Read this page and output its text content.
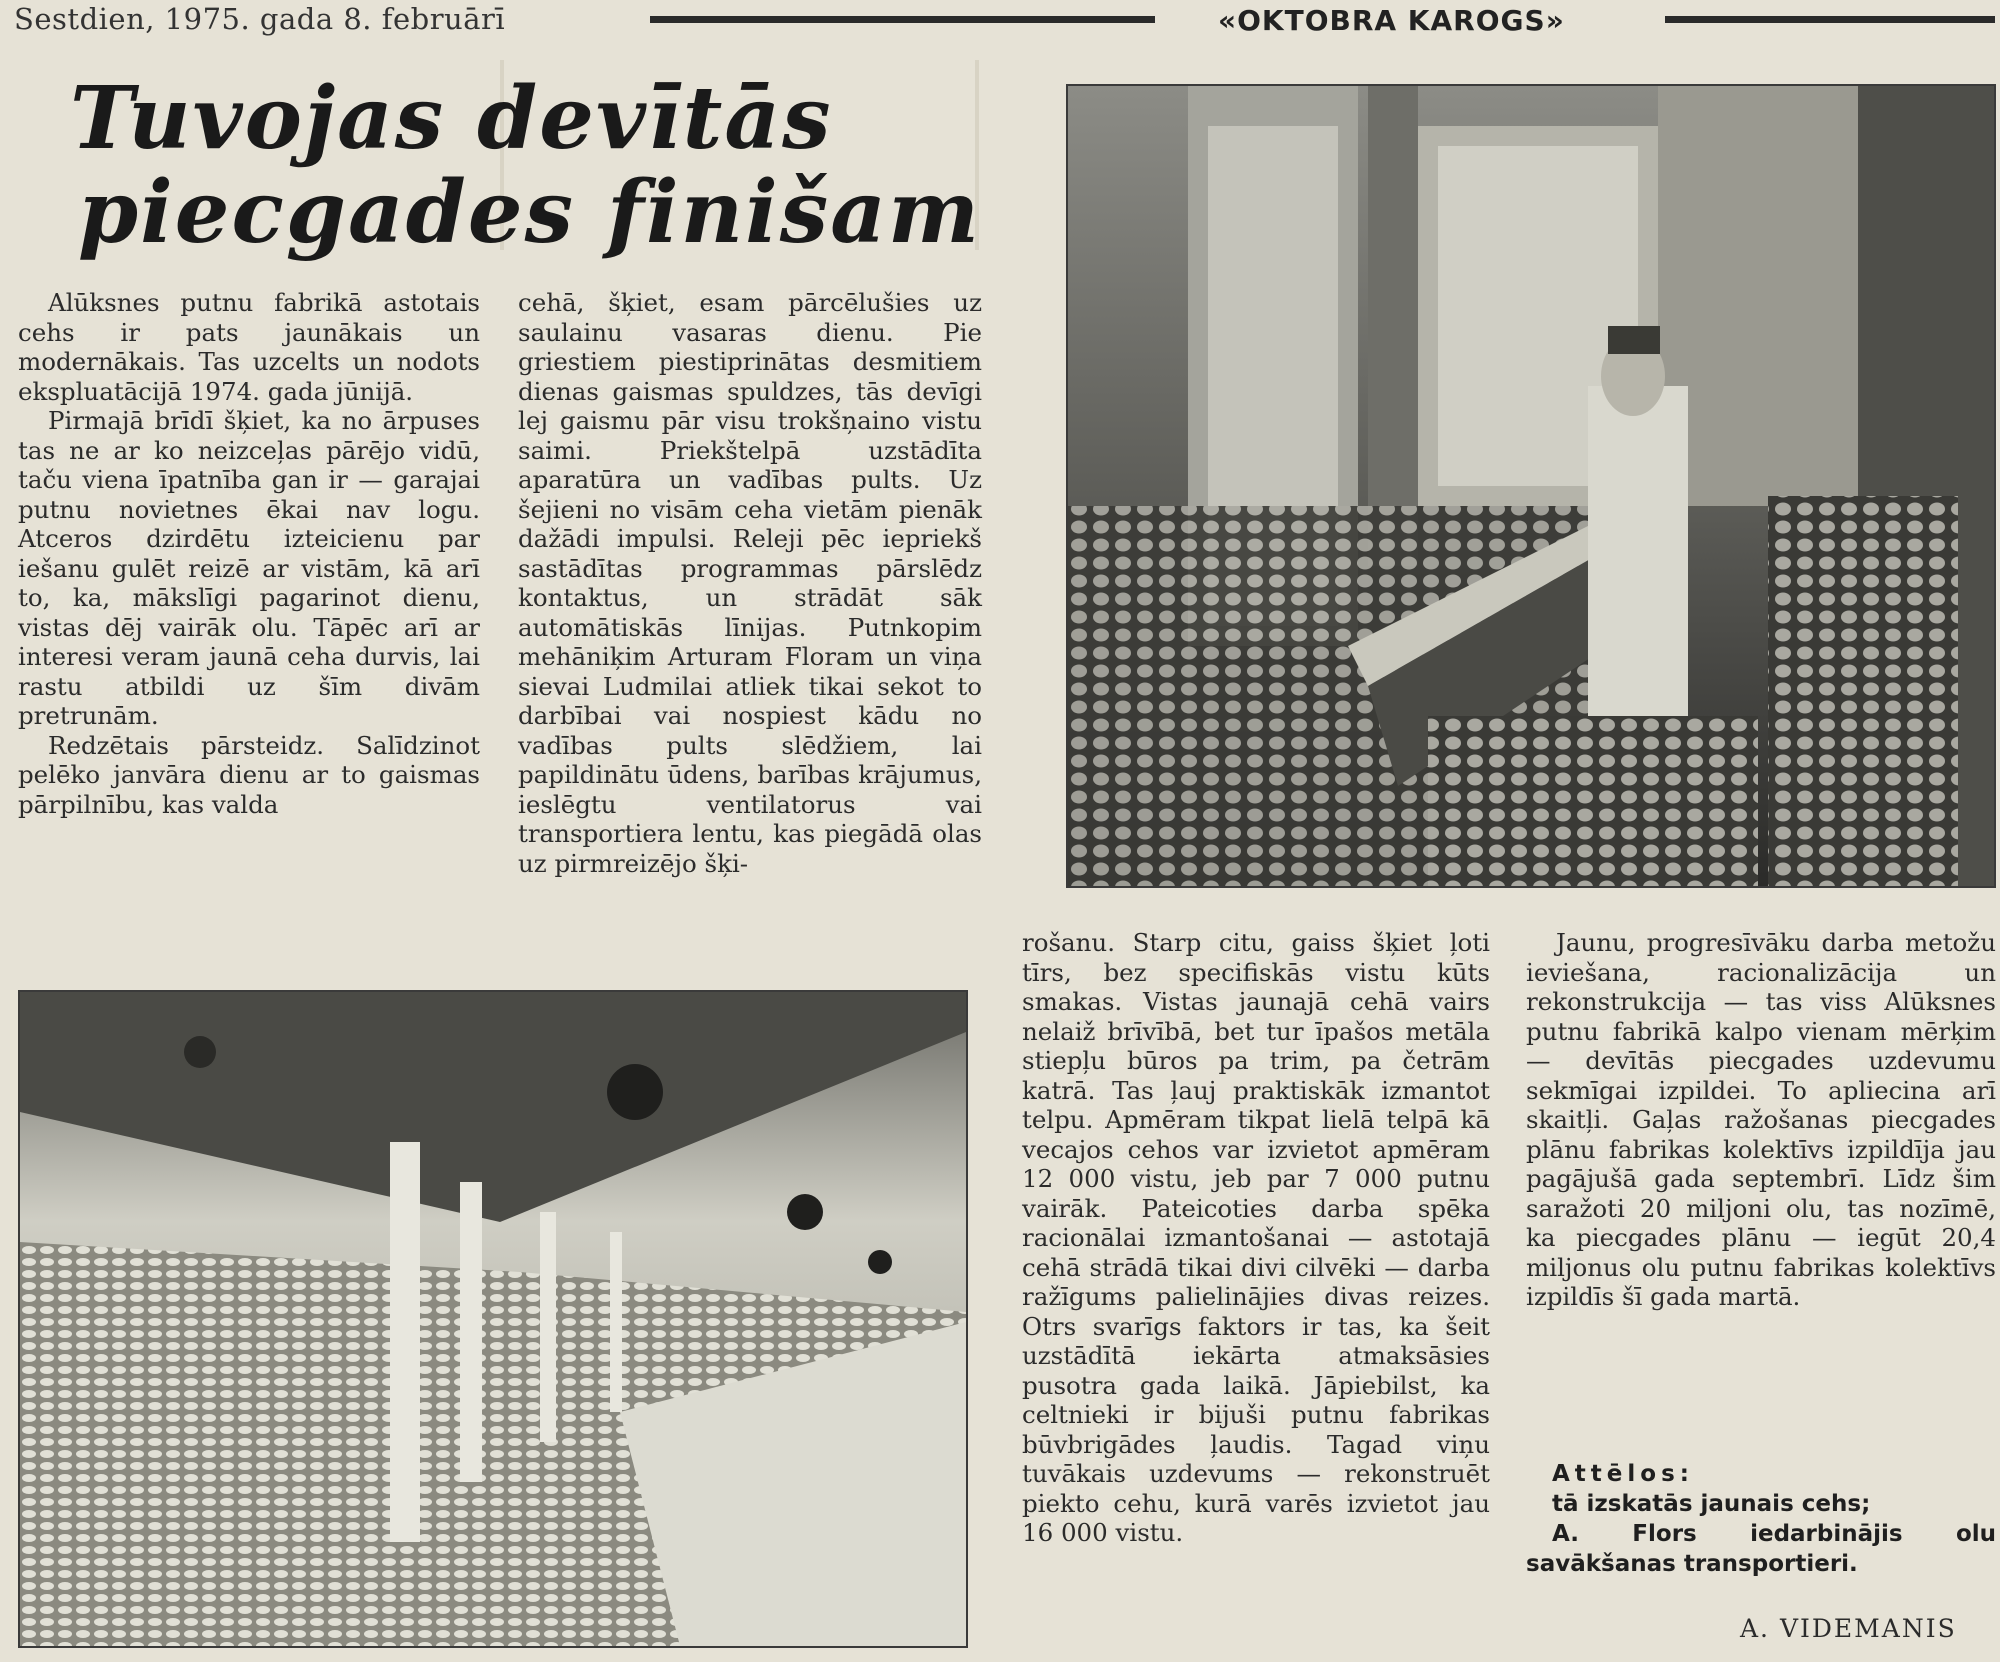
Sestdien, 1975. gada 8. februārī	«OKTOBRA KAROGS»
Tuvojas devītās
piecgades finišam

Alūksnes putnu fabrikā astotais cehs ir pats jaunākais un modernākais. Tas uzcelts un nodots ekspluatācijā 1974. gada jūnijā.

Pirmajā brīdī šķiet, ka no ārpuses tas ne ar ko neizceļas pārējo vidū, taču viena īpatnība gan ir — garajai putnu novietnes ēkai nav logu. Atceros dzirdētu izteicienu par iešanu gulēt reizē ar vistām, kā arī to, ka, mākslīgi pagarinot dienu, vistas dēj vairāk olu. Tāpēc arī ar interesi veram jaunā ceha durvis, lai rastu atbildi uz šīm divām pretrunām.

Redzētais pārsteidz. Salīdzinot pelēko janvāra dienu ar to gaismas pārpilnību, kas valda

cehā, šķiet, esam pārcēlušies uz saulainu vasaras dienu. Pie griestiem piestiprinātas desmitiem dienas gaismas spuldzes, tās devīgi lej gaismu pār visu trokšņaino vistu saimi. Priekštelpā uzstādīta aparatūra un vadības pults. Uz šejieni no visām ceha vietām pienāk dažādi impulsi. Releji pēc iepriekš sastādītas programmas pārslēdz kontaktus, un strādāt sāk automātiskās līnijas. Putnkopim mehāniķim Arturam Floram un viņa sievai Ludmilai atliek tikai sekot to darbībai vai nospiest kādu no vadības pults slēdžiem, lai papildinātu ūdens, barības krājumus, ieslēgtu ventilatorus vai transportiera lentu, kas piegādā olas uz pirmreizējo šķi-

rošanu. Starp citu, gaiss šķiet ļoti tīrs, bez specifiskās vistu kūts smakas. Vistas jaunajā cehā vairs nelaiž brīvībā, bet tur īpašos metāla stiepļu būros pa trim, pa četrām katrā. Tas ļauj praktiskāk izmantot telpu. Apmēram tikpat lielā telpā kā vecajos cehos var izvietot apmēram 12 000 vistu, jeb par 7 000 putnu vairāk. Pateicoties darba spēka racionālai izmantošanai — astotajā cehā strādā tikai divi cilvēki — darba ražīgums palielinājies divas reizes. Otrs svarīgs faktors ir tas, ka šeit uzstādītā iekārta atmaksāsies pusotra gada laikā. Jāpiebilst, ka celtnieki ir bijuši putnu fabrikas būvbrigādes ļaudis. Tagad viņu tuvākais uzdevums — rekonstruēt piekto cehu, kurā varēs izvietot jau 16 000 vistu.

Jaunu, progresīvāku darba metožu ieviešana, racionalizācija un rekonstrukcija — tas viss Alūksnes putnu fabrikā kalpo vienam mērķim — devītās piecgades uzdevumu sekmīgai izpildei. To apliecina arī skaitļi. Gaļas ražošanas piecgades plānu fabrikas kolektīvs izpildīja jau pagājušā gada septembrī. Līdz šim saražoti 20 miljoni olu, tas nozīmē, ka piecgades plānu — iegūt 20,4 miljonus olu putnu fabrikas kolektīvs izpildīs šī gada martā.

Attēlos:
tā izskatās jaunais cehs;
A. Flors iedarbinājis olu savākšanas transportieri.
A. VIDEMANIS
